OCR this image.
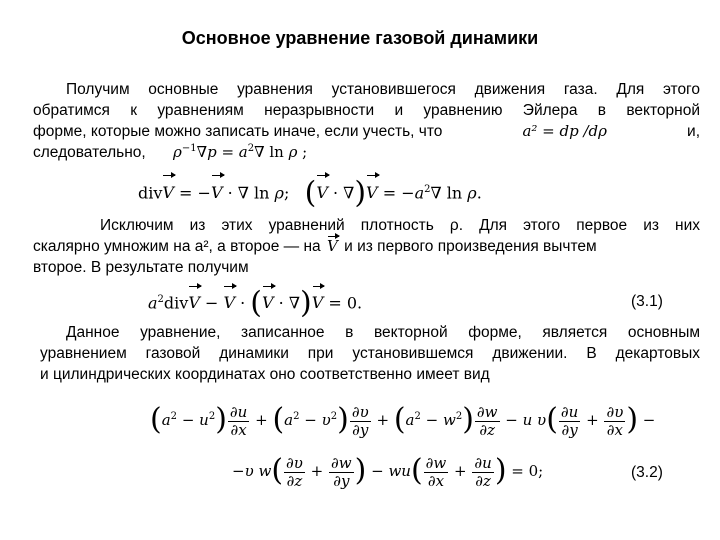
Основное уравнение газовой динамики
Получим основные уравнения установившегося движения газа. Для этого
обратимся к уравнениям неразрывности и уравнению Эйлера в векторной
форме, которые можно записать иначе, если учесть, что	a² = dp /dρ	и,
следовательно, $\rho^{-1}\nabla p = a^2\nabla$ ln ρ ;
divV = −V · ∇ ln ρ;   $(V \cdot \nabla)V = -a^2\nabla$ ln ρ.
Исключим из этих уравнений плотность ρ. Для этого первое из них
скалярно умножим на a², а второе — на V и из первого произведения вычтем
второе. В результате получим
$a^2divV - V \cdot (V \cdot \nabla)V = 0$.	(3.1)
Данное уравнение, записанное в векторной форме, является основным
уравнением газовой динамики при установившемся движении. В декартовых
и цилиндрических координатах оно соответственно имеет вид
$(a^2 - u^2) \frac{\partial u}{\partial x} + (a^2 - \upsilon^2) \frac{\partial\upsilon}{\partial y} + (a^2 - w^2) \frac{\partial w}{\partial z} - u$ $\upsilon( \frac{\partial u}{\partial y} + \frac{\partial\upsilon}{\partial x}$ ) −
−υ $w( \frac{\partial\upsilon}{\partial z} + \frac{\partial w}{\partial y}$ ) − $wu( \frac{\partial w}{\partial x} + \frac{\partial u}{\partial z}$ ) = 0;	(3.2)
